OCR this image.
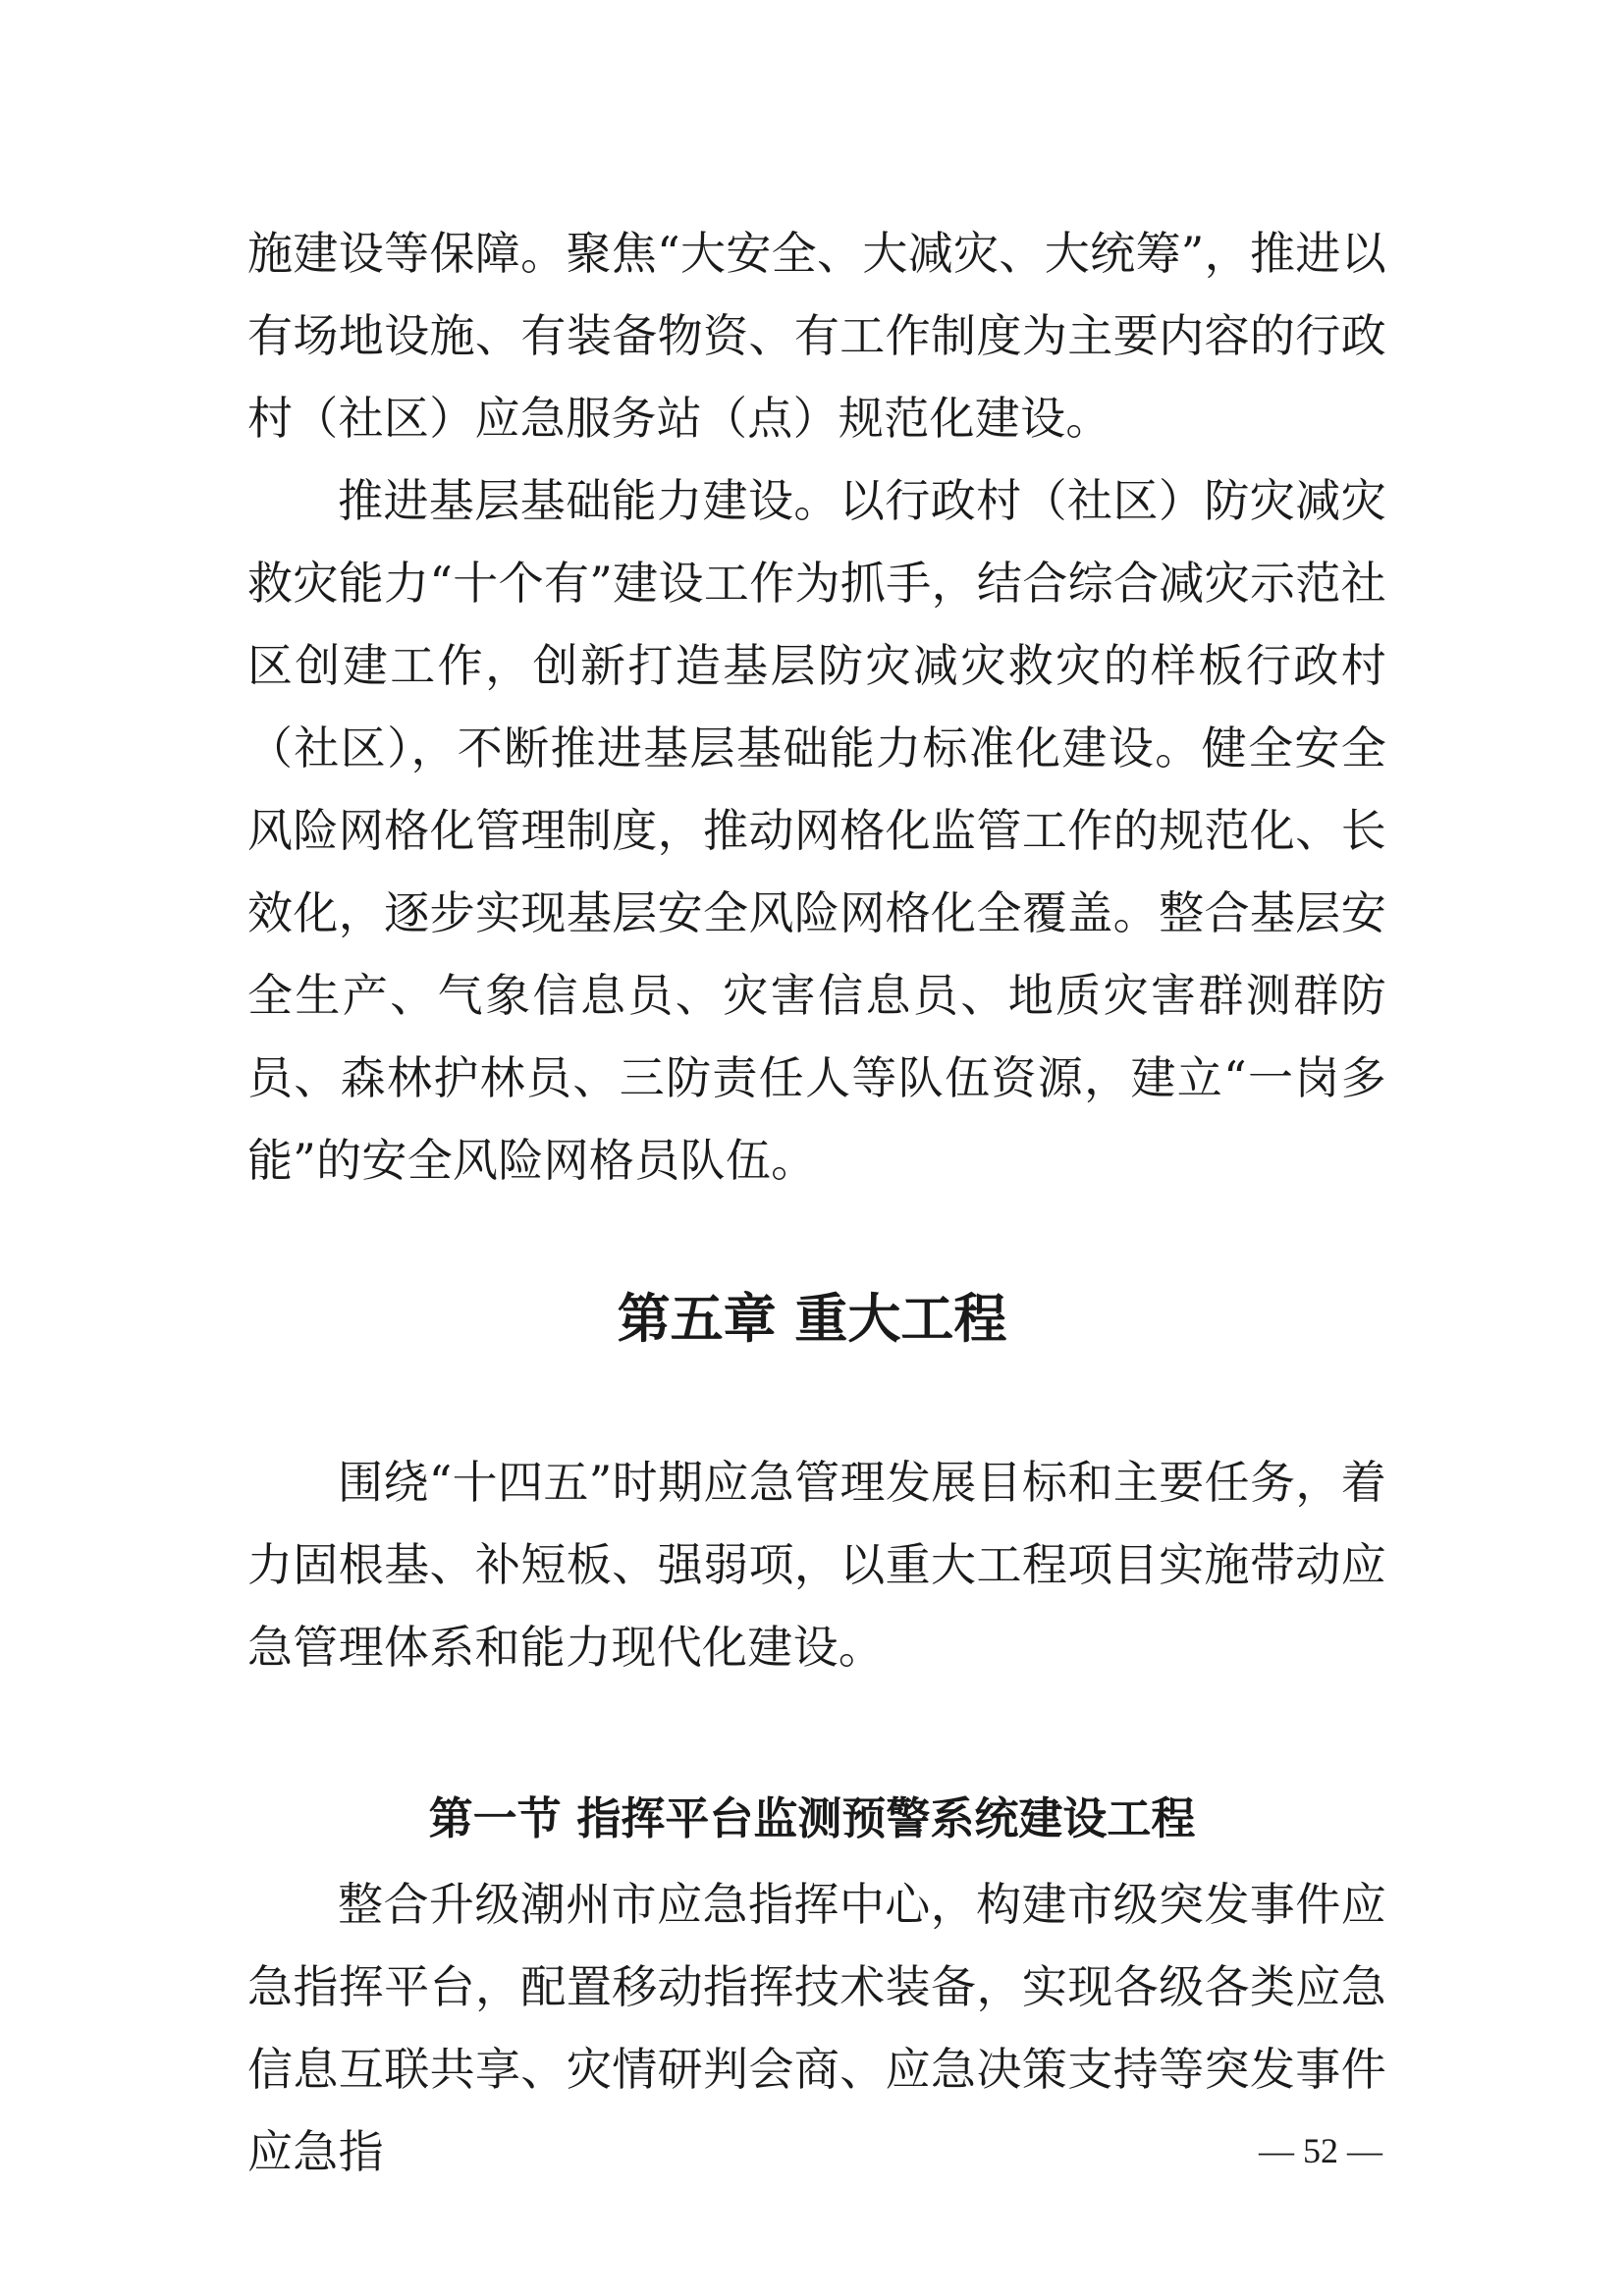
施建设等保障。聚焦“大安全、大减灾、大统筹”，推进以有场地设施、有装备物资、有工作制度为主要内容的行政村（社区）应急服务站（点）规范化建设。

推进基层基础能力建设。以行政村（社区）防灾减灾救灾能力“十个有”建设工作为抓手，结合综合减灾示范社区创建工作，创新打造基层防灾减灾救灾的样板行政村（社区），不断推进基层基础能力标准化建设。健全安全风险网格化管理制度，推动网格化监管工作的规范化、长效化，逐步实现基层安全风险网格化全覆盖。整合基层安全生产、气象信息员、灾害信息员、地质灾害群测群防员、森林护林员、三防责任人等队伍资源，建立“一岗多能”的安全风险网格员队伍。

第五章 重大工程

围绕“十四五”时期应急管理发展目标和主要任务，着力固根基、补短板、强弱项，以重大工程项目实施带动应急管理体系和能力现代化建设。

第一节 指挥平台监测预警系统建设工程

整合升级潮州市应急指挥中心，构建市级突发事件应急指挥平台，配置移动指挥技术装备，实现各级各类应急信息互联共享、灾情研判会商、应急决策支持等突发事件应急指	— 52 —
